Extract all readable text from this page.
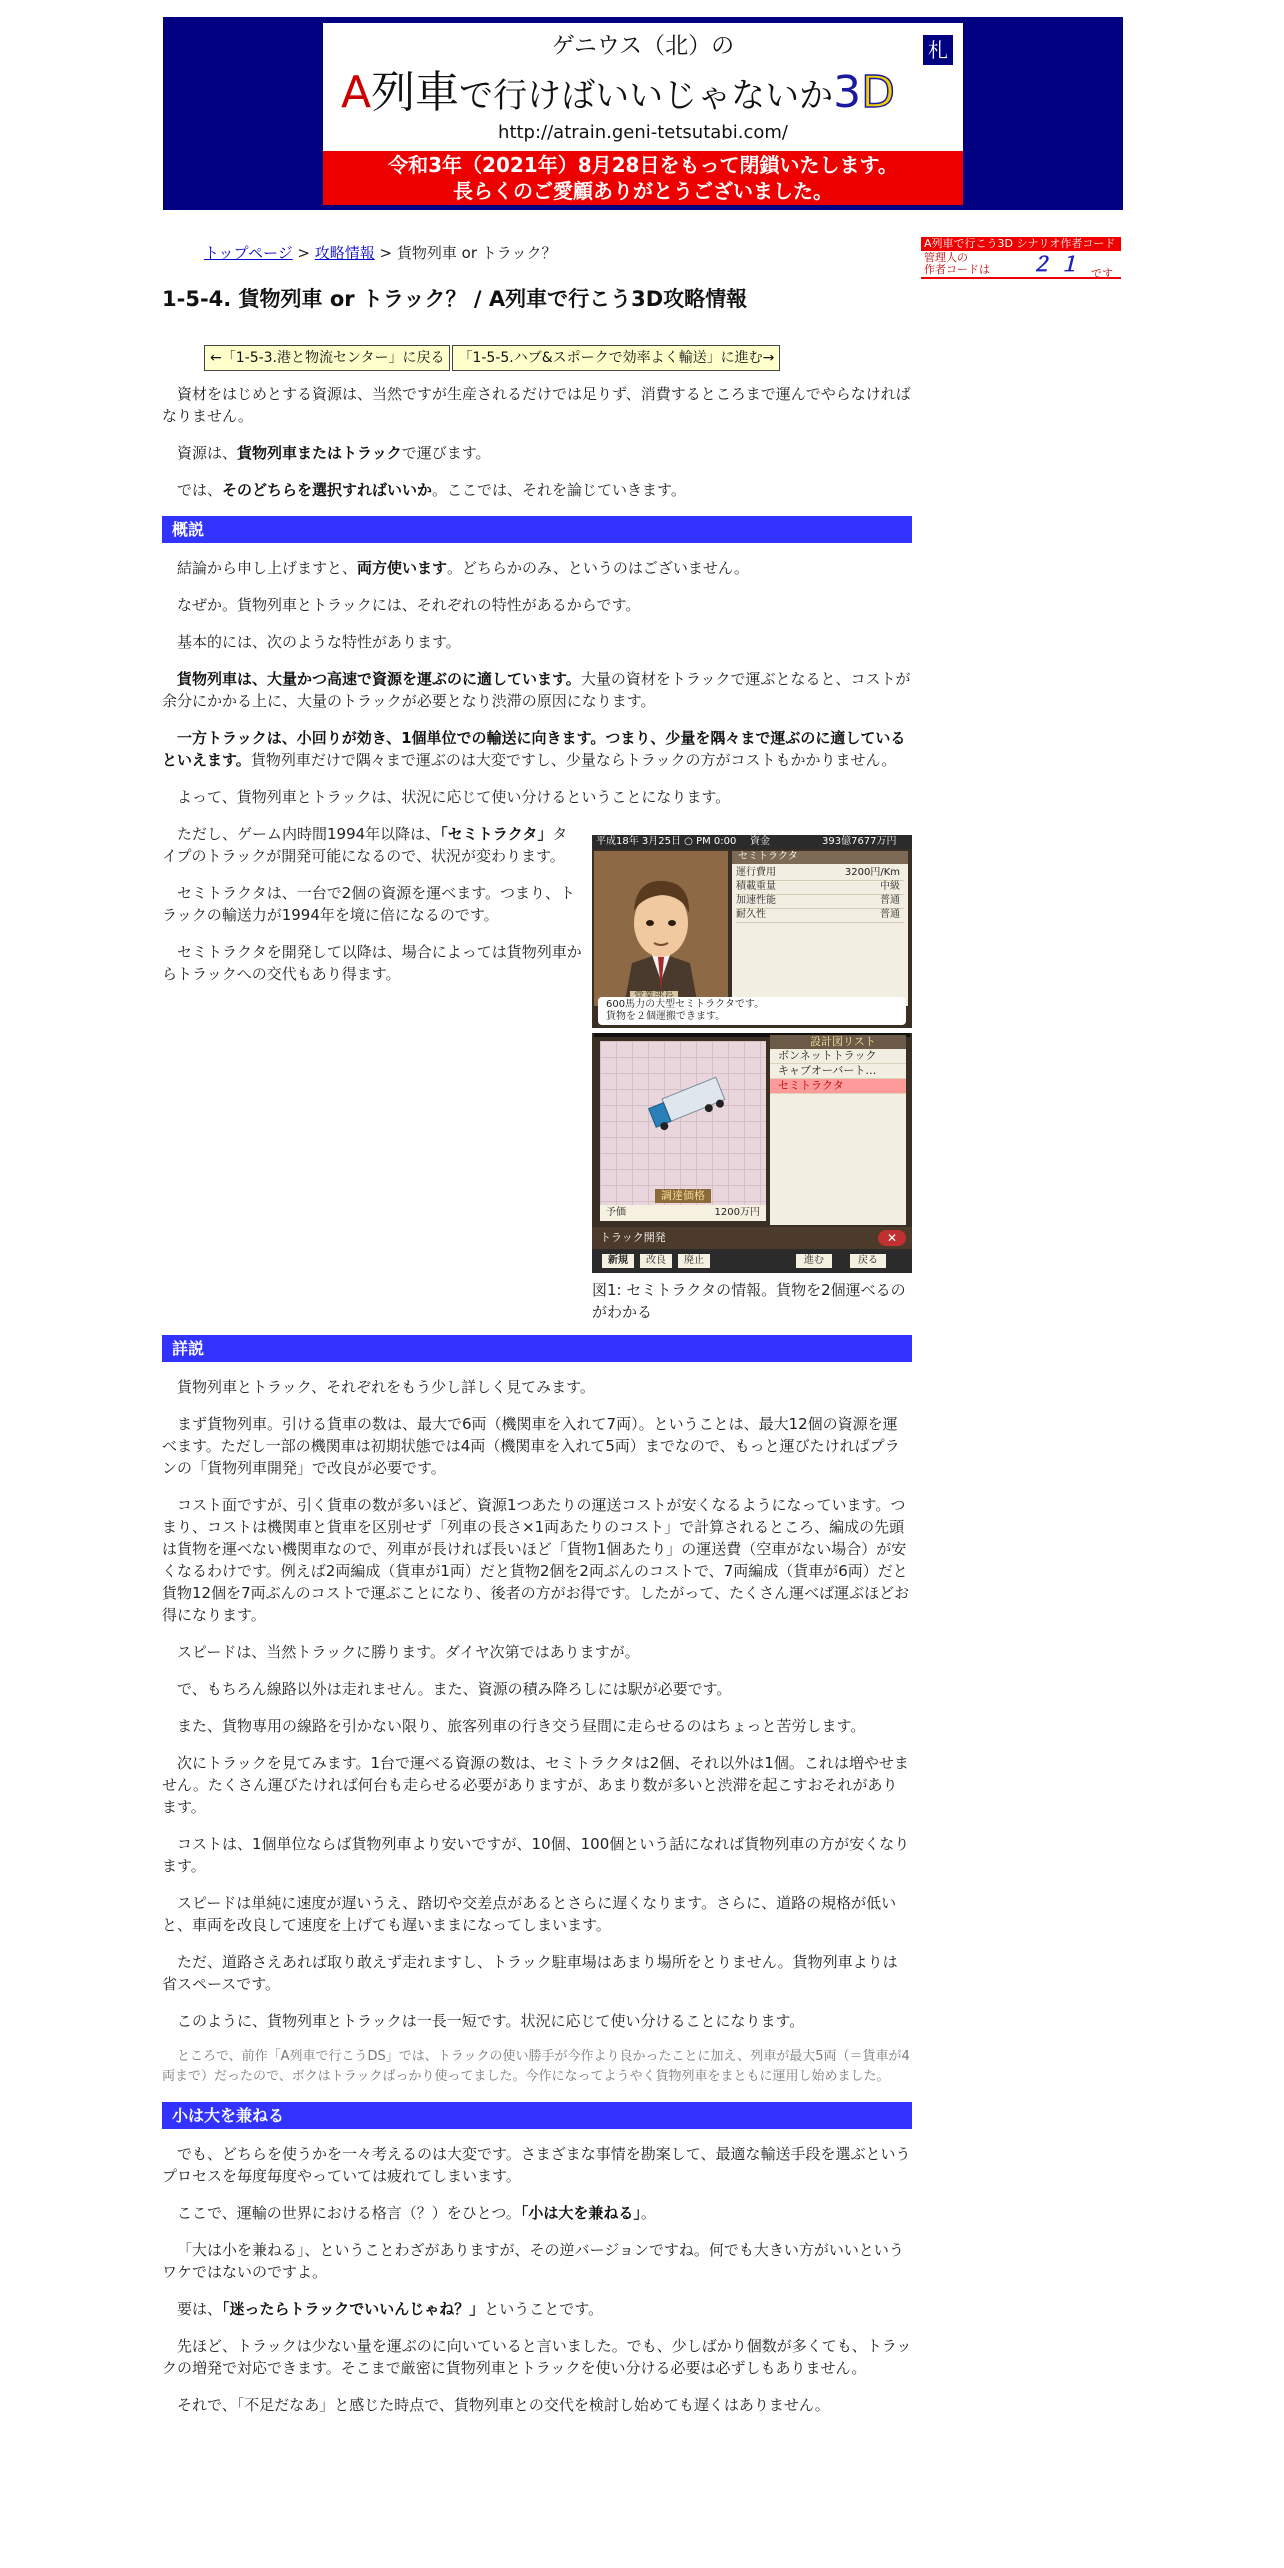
ゲニウス（北）の	札
A列車で行けばいいじゃないか3D
http://atrain.geni-tetsutabi.com/
令和3年（2021年）8月28日をもって閉鎖いたします。
長らくのご愛顧ありがとうございました。
A列車で行こう3D シナリオ作者コード
管理人の
作者コードは ２１ です
トップページ > 攻略情報 > 貨物列車 or トラック？
1-5-4. 貨物列車 or トラック？ / A列車で行こう3D攻略情報
←「1-5-3.港と物流センター」に戻る 「1-5-5.ハブ&スポークで効率よく輸送」に進む→

資材をはじめとする資源は、当然ですが生産されるだけでは足りず、消費するところまで運んでやらなければなりません。

資源は、貨物列車またはトラックで運びます。

では、そのどちらを選択すればいいか。ここでは、それを論じていきます。

概説

結論から申し上げますと、両方使います。どちらかのみ、というのはございません。

なぜか。貨物列車とトラックには、それぞれの特性があるからです。

基本的には、次のような特性があります。

貨物列車は、大量かつ高速で資源を運ぶのに適しています。大量の資材をトラックで運ぶとなると、コストが余分にかかる上に、大量のトラックが必要となり渋滞の原因になります。

一方トラックは、小回りが効き、1個単位での輸送に向きます。つまり、少量を隅々まで運ぶのに適しているといえます。貨物列車だけで隅々まで運ぶのは大変ですし、少量ならトラックの方がコストもかかりません。

よって、貨物列車とトラックは、状況に応じて使い分けるということになります。

ただし、ゲーム内時間1994年以降は、「セミトラクタ」タイプのトラックが開発可能になるので、状況が変わります。

セミトラクタは、一台で2個の資源を運べます。つまり、トラックの輸送力が1994年を境に倍になるのです。

セミトラクタを開発して以降は、場合によっては貨物列車からトラックへの交代もあり得ます。

平成18年 3月25日 ○ PM 0:00 資金	393億7677万円
セミトラクタ
運行費用	3200円/Km
積載重量	中級
加速性能	普通
耐久性	普通
600馬力の大型セミトラクタです。
貨物を２個運搬できます。
調達価格
予価	1200万円
設計図リスト
ボンネットトラック
キャブオーバート…
セミトラクタ
トラック開発	✕
新規	改良	廃止	進む	戻る
図1: セミトラクタの情報。貨物を2個運べるのがわかる
詳説

貨物列車とトラック、それぞれをもう少し詳しく見てみます。

まず貨物列車。引ける貨車の数は、最大で6両（機関車を入れて7両）。ということは、最大12個の資源を運べます。ただし一部の機関車は初期状態では4両（機関車を入れて5両）までなので、もっと運びたければプランの「貨物列車開発」で改良が必要です。

コスト面ですが、引く貨車の数が多いほど、資源1つあたりの運送コストが安くなるようになっています。つまり、コストは機関車と貨車を区別せず「列車の長さ×1両あたりのコスト」で計算されるところ、編成の先頭は貨物を運べない機関車なので、列車が長ければ長いほど「貨物1個あたり」の運送費（空車がない場合）が安くなるわけです。例えば2両編成（貨車が1両）だと貨物2個を2両ぶんのコストで、7両編成（貨車が6両）だと貨物12個を7両ぶんのコストで運ぶことになり、後者の方がお得です。したがって、たくさん運べば運ぶほどお得になります。

スピードは、当然トラックに勝ります。ダイヤ次第ではありますが。

で、もちろん線路以外は走れません。また、資源の積み降ろしには駅が必要です。

また、貨物専用の線路を引かない限り、旅客列車の行き交う昼間に走らせるのはちょっと苦労します。

次にトラックを見てみます。1台で運べる資源の数は、セミトラクタは2個、それ以外は1個。これは増やせません。たくさん運びたければ何台も走らせる必要がありますが、あまり数が多いと渋滞を起こすおそれがあります。

コストは、1個単位ならば貨物列車より安いですが、10個、100個という話になれば貨物列車の方が安くなります。

スピードは単純に速度が遅いうえ、踏切や交差点があるとさらに遅くなります。さらに、道路の規格が低いと、車両を改良して速度を上げても遅いままになってしまいます。

ただ、道路さえあれば取り敢えず走れますし、トラック駐車場はあまり場所をとりません。貨物列車よりは省スペースです。

このように、貨物列車とトラックは一長一短です。状況に応じて使い分けることになります。

ところで、前作「A列車で行こうDS」では、トラックの使い勝手が今作より良かったことに加え、列車が最大5両（＝貨車が4両まで）だったので、ボクはトラックばっかり使ってました。今作になってようやく貨物列車をまともに運用し始めました。

小は大を兼ねる

でも、どちらを使うかを一々考えるのは大変です。さまざまな事情を勘案して、最適な輸送手段を選ぶというプロセスを毎度毎度やっていては疲れてしまいます。

ここで、運輸の世界における格言（？）をひとつ。「小は大を兼ねる」。

「大は小を兼ねる」、ということわざがありますが、その逆バージョンですね。何でも大きい方がいいというワケではないのですよ。

要は、「迷ったらトラックでいいんじゃね？」ということです。

先ほど、トラックは少ない量を運ぶのに向いていると言いました。でも、少しばかり個数が多くても、トラックの増発で対応できます。そこまで厳密に貨物列車とトラックを使い分ける必要は必ずしもありません。

それで、「不足だなあ」と感じた時点で、貨物列車との交代を検討し始めても遅くはありません。
